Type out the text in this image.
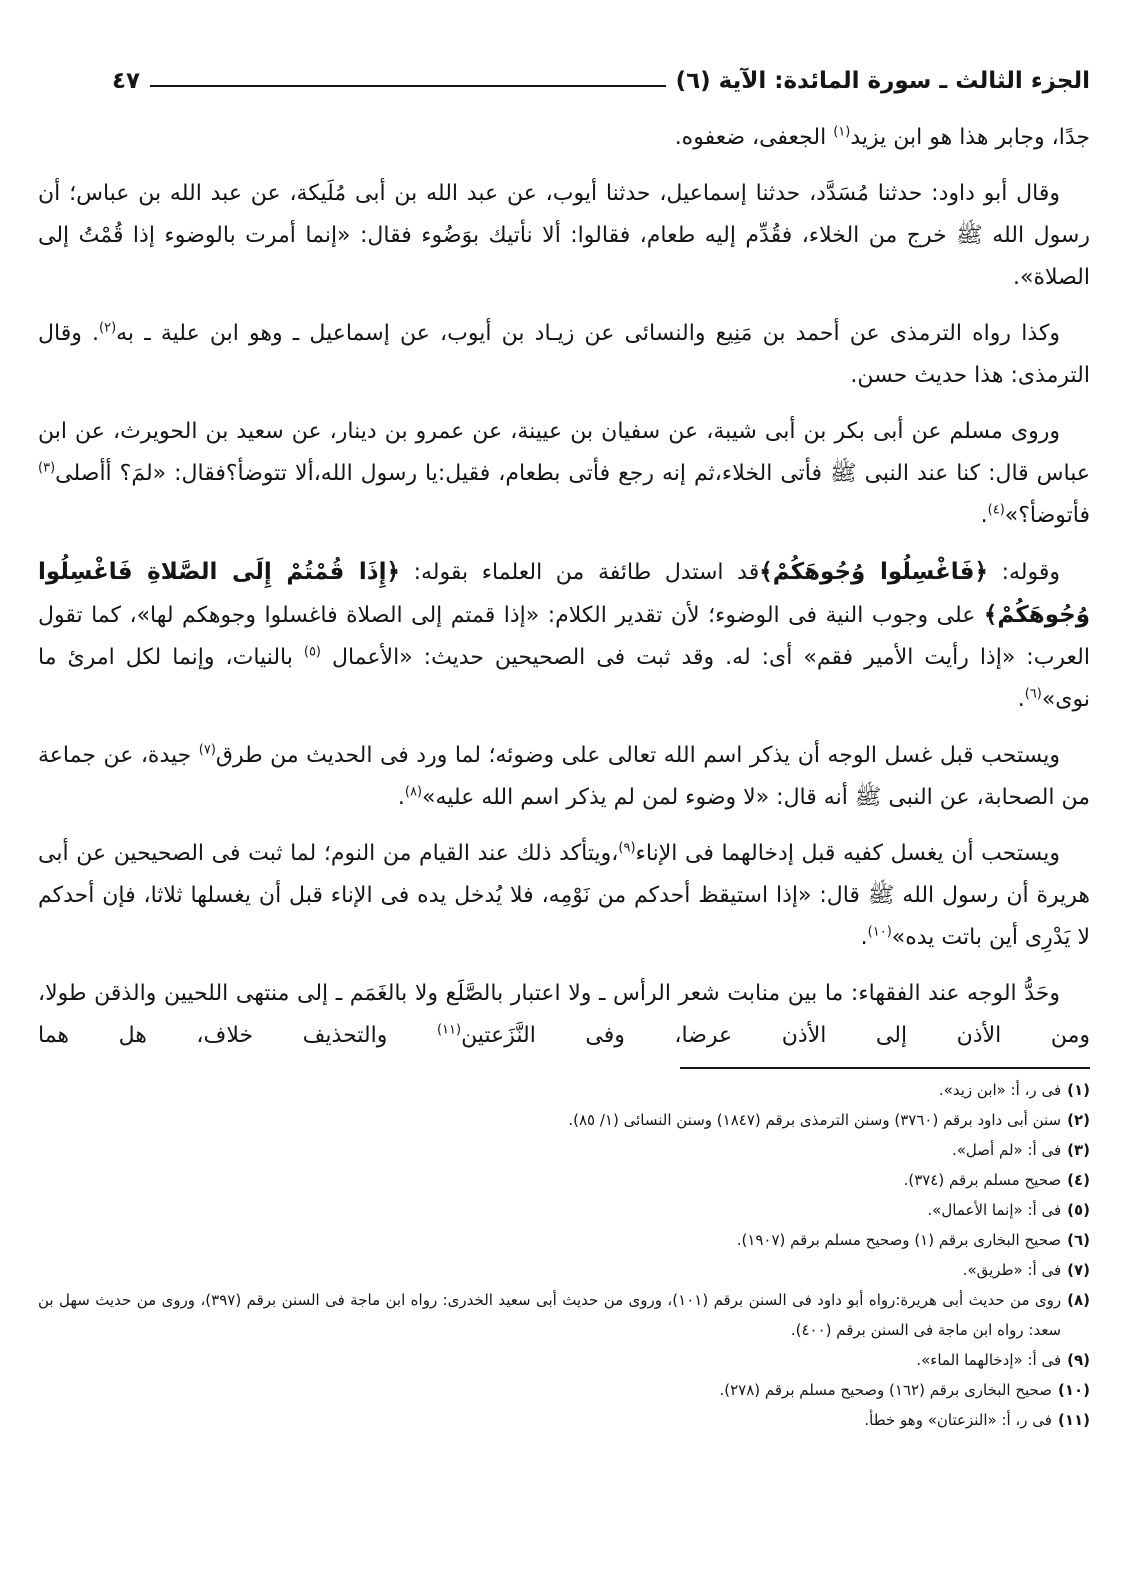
الجزء الثالث ـ سورة المائدة: الآية (٦)
٤٧

جدًا، وجابر هذا هو ابن يزيد$^{(١)}$ الجعفى، ضعفوه.

وقال أبو داود: حدثنا مُسَدَّد، حدثنا إسماعيل، حدثنا أيوب، عن عبد الله بن أبى مُلَيكة، عن عبد الله بن عباس؛ أن رسول الله ﷺ خرج من الخلاء، فقُدِّم إليه طعام، فقالوا: ألا نأتيك بوَضُوء فقال: «إنما أمرت بالوضوء إذا قُمْتُ إلى الصلاة».

وكذا رواه الترمذى عن أحمد بن مَنِيع والنسائى عن زيـاد بن أيوب، عن إسماعيل ـ وهو ابن علية ـ به$^{(٢)}$. وقال الترمذى: هذا حديث حسن.

وروى مسلم عن أبى بكر بن أبى شيبة، عن سفيان بن عيينة، عن عمرو بن دينار، عن سعيد بن الحويرث، عن ابن عباس قال: كنا عند النبى ﷺ فأتى الخلاء،ثم إنه رجع فأتى بطعام، فقيل:يا رسول الله،ألا تتوضأ؟فقال: «لمَ؟ أأصلى$^{(٣)}$ فأتوضأ؟»$^{(٤)}$.

وقوله: ﴿فَاغْسِلُوا وُجُوهَكُمْ﴾قد استدل طائفة من العلماء بقوله: ﴿إِذَا قُمْتُمْ إِلَى الصَّلاةِ فَاغْسِلُوا وُجُوهَكُمْ﴾ على وجوب النية فى الوضوء؛ لأن تقدير الكلام: «إذا قمتم إلى الصلاة فاغسلوا وجوهكم لها»، كما تقول العرب: «إذا رأيت الأمير فقم» أى: له. وقد ثبت فى الصحيحين حديث: «الأعمال $^{(٥)}$ بالنيات، وإنما لكل امرئ ما نوى»$^{(٦)}$.

ويستحب قبل غسل الوجه أن يذكر اسم الله تعالى على وضوئه؛ لما ورد فى الحديث من طرق$^{(٧)}$ جيدة، عن جماعة من الصحابة، عن النبى ﷺ أنه قال: «لا وضوء لمن لم يذكر اسم الله عليه»$^{(٨)}$.

ويستحب أن يغسل كفيه قبل إدخالهما فى الإناء$^{(٩)}$،ويتأكد ذلك عند القيام من النوم؛ لما ثبت فى الصحيحين عن أبى هريرة أن رسول الله ﷺ قال: «إذا استيقظ أحدكم من نَوْمِه، فلا يُدخل يده فى الإناء قبل أن يغسلها ثلاثا، فإن أحدكم لا يَدْرِى أين باتت يده»$^{(١٠)}$.

وحَدُّ الوجه عند الفقهاء: ما بين منابت شعر الرأس ـ ولا اعتبار بالصَّلَع ولا بالغَمَم ـ إلى منتهى اللحيين والذقن طولا، ومن الأذن إلى الأذن عرضا، وفى النَّزَعتين$^{(١١)}$ والتحذيف خلاف، هل هما

(١)
فى ر، أ: «ابن زيد».
(٢)
سنن أبى داود برقم (٣٧٦٠) وسنن الترمذى برقم (١٨٤٧) وسنن النسائى (١/ ٨٥).
(٣)
فى أ: «لم أصل».
(٤)
صحيح مسلم برقم (٣٧٤).
(٥)
فى أ: «إنما الأعمال».
(٦)
صحيح البخارى برقم (١) وصحيح مسلم برقم (١٩٠٧).
(٧)
فى أ: «طريق».
(٨)
روى من حديث أبى هريرة:رواه أبو داود فى السنن برقم (١٠١)، وروى من حديث أبى سعيد الخدرى: رواه ابن ماجة فى السنن برقم (٣٩٧)، وروى من حديث سهل بن سعد: رواه ابن ماجة فى السنن برقم (٤٠٠).
(٩)
فى أ: «إدخالهما الماء».
(١٠)
صحيح البخارى برقم (١٦٢) وصحيح مسلم برقم (٢٧٨).
(١١)
فى ر، أ: «النزعتان» وهو خطأ.
